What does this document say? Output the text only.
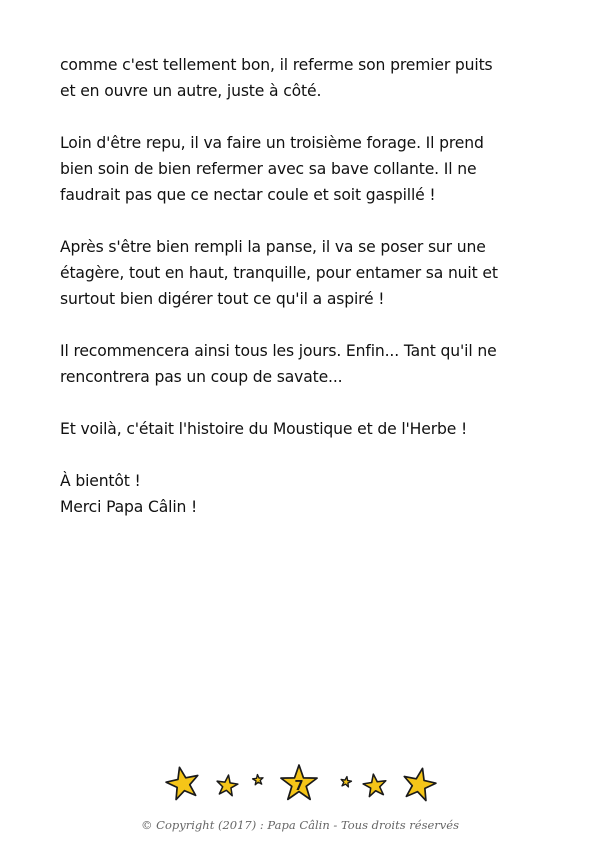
comme c'est tellement bon, il referme son premier puits
et en ouvre un autre, juste à côté.

Loin d'être repu, il va faire un troisième forage. Il prend
bien soin de bien refermer avec sa bave collante. Il ne
faudrait pas que ce nectar coule et soit gaspillé !

Après s'être bien rempli la panse, il va se poser sur une
étagère, tout en haut, tranquille, pour entamer sa nuit et
surtout bien digérer tout ce qu'il a aspiré !

Il recommencera ainsi tous les jours. Enfin... Tant qu'il ne
rencontrera pas un coup de savate...

Et voilà, c'était l'histoire du Moustique et de l'Herbe !

À bientôt !
Merci Papa Câlin !

7
© Copyright (2017) : Papa Câlin - Tous droits réservés
